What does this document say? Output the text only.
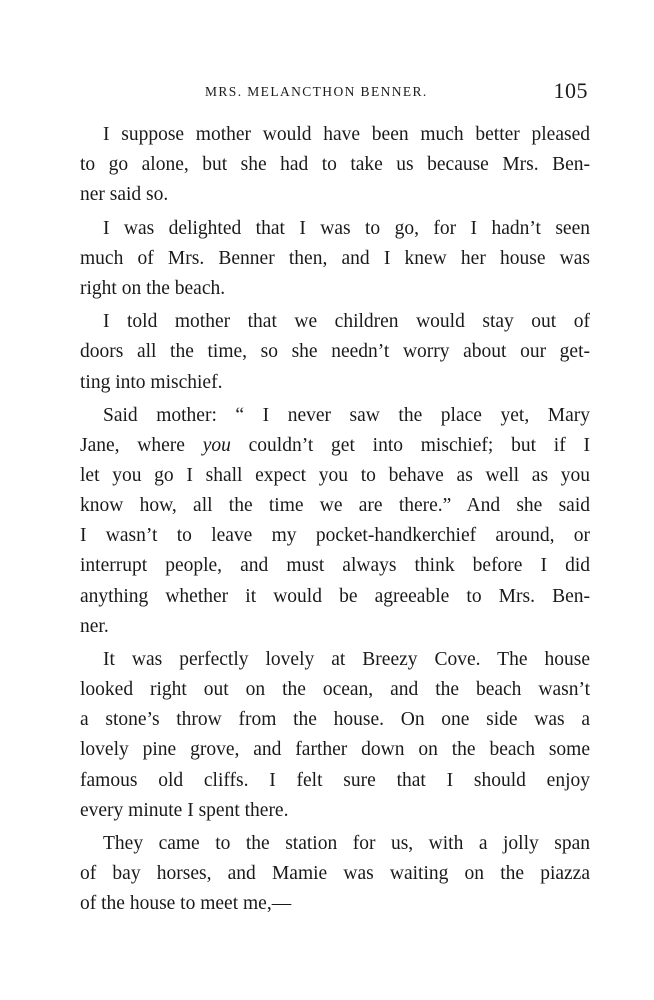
MRS. MELANCTHON BENNER.	105
I suppose mother would have been much better pleased
to go alone, but she had to take us because Mrs. Ben-
ner said so.
I was delighted that I was to go, for I hadn’t seen
much of Mrs. Benner then, and I knew her house was
right on the beach.
I told mother that we children would stay out of
doors all the time, so she needn’t worry about our get-
ting into mischief.
Said mother: “ I never saw the place yet, Mary
Jane, where you couldn’t get into mischief; but if I
let you go I shall expect you to behave as well as you
know how, all the time we are there.” And she said
I wasn’t to leave my pocket-handkerchief around, or
interrupt people, and must always think before I did
anything whether it would be agreeable to Mrs. Ben-
ner.
It was perfectly lovely at Breezy Cove. The house
looked right out on the ocean, and the beach wasn’t
a stone’s throw from the house. On one side was a
lovely pine grove, and farther down on the beach some
famous old cliffs. I felt sure that I should enjoy
every minute I spent there.
They came to the station for us, with a jolly span
of bay horses, and Mamie was waiting on the piazza
of the house to meet me,—
